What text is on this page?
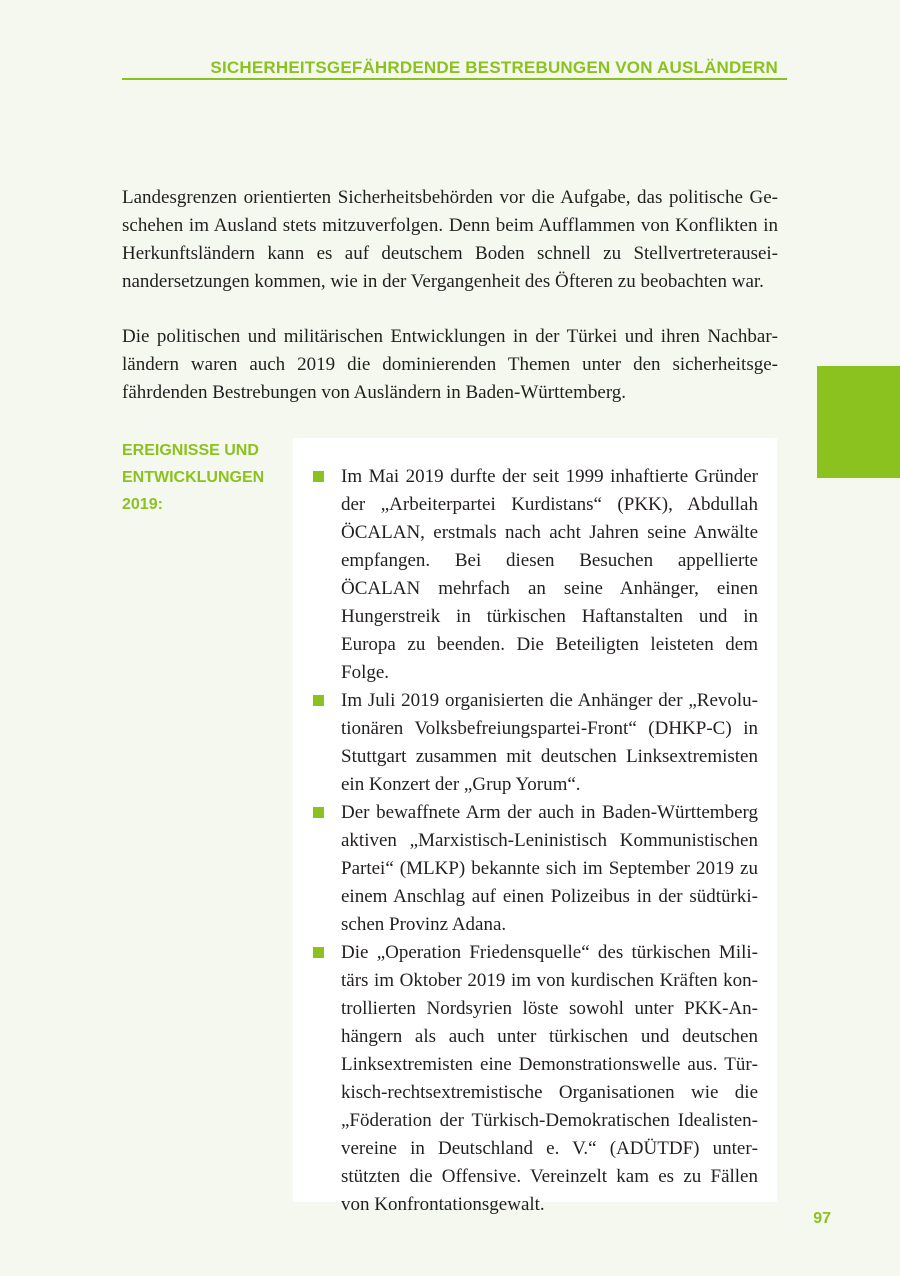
SICHERHEITSGEFÄHRDENDE BESTREBUNGEN VON AUSLÄNDERN

Landesgrenzen orientierten Sicherheitsbehörden vor die Aufgabe, das politische Geschehen im Ausland stets mitzuverfolgen. Denn beim Aufflammen von Konflikten in Herkunftsländern kann es auf deutschem Boden schnell zu Stellvertreterauseinandersetzungen kommen, wie in der Vergangenheit des Öfteren zu beobachten war.

Die politischen und militärischen Entwicklungen in der Türkei und ihren Nachbarländern waren auch 2019 die dominierenden Themen unter den sicherheitsgefährdenden Bestrebungen von Ausländern in Baden-Württemberg.

EREIGNISSE UND
ENTWICKLUNGEN
2019:
Im Mai 2019 durfte der seit 1999 inhaftierte Gründer der „Arbeiterpartei Kurdistans“ (PKK), Abdullah ÖCALAN, erstmals nach acht Jahren seine Anwälte empfangen. Bei diesen Besuchen appellierte ÖCALAN mehrfach an seine Anhänger, einen Hungerstreik in türkischen Haftanstalten und in Europa zu beenden. Die Beteiligten leisteten dem Folge.
Im Juli 2019 organisierten die Anhänger der „Revolutionären Volksbefreiungspartei-Front“ (DHKP-C) in Stuttgart zusammen mit deutschen Linksextremisten ein Konzert der „Grup Yorum“.
Der bewaffnete Arm der auch in Baden-Württemberg aktiven „Marxistisch-Leninistisch Kommunistischen Partei“ (MLKP) bekannte sich im September 2019 zu einem Anschlag auf einen Polizeibus in der südtürkischen Provinz Adana.
Die „Operation Friedensquelle“ des türkischen Militärs im Oktober 2019 im von kurdischen Kräften kontrollierten Nordsyrien löste sowohl unter PKK-Anhängern als auch unter türkischen und deutschen Linksextremisten eine Demonstrationswelle aus. Türkisch-rechtsextremistische Organisationen wie die „Föderation der Türkisch-Demokratischen Idealistenvereine in Deutschland e. V.“ (ADÜTDF) unterstützten die Offensive. Vereinzelt kam es zu Fällen von Konfrontationsgewalt.
97
